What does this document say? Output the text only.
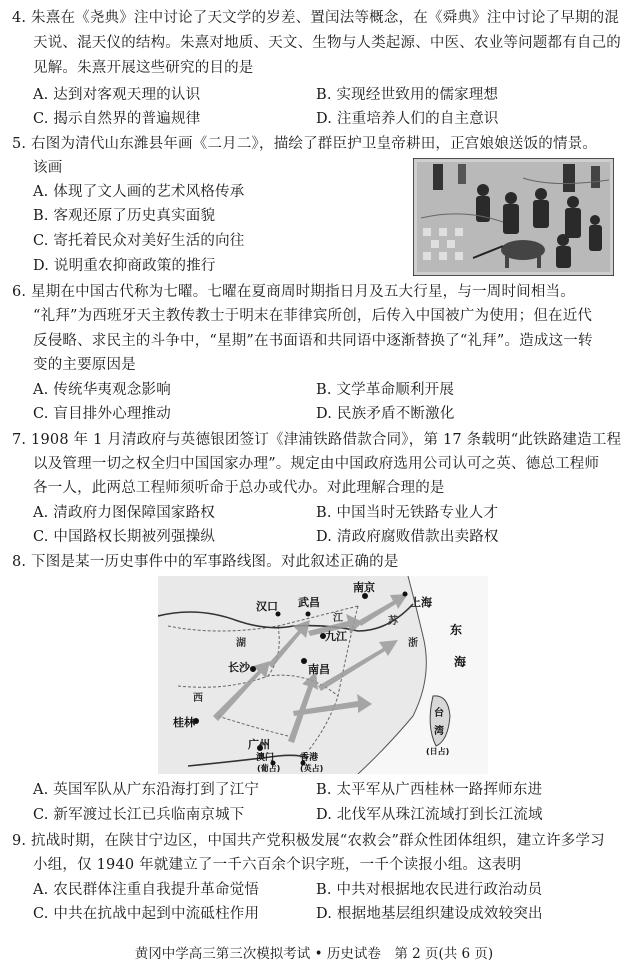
4. 朱熹在《尧典》注中讨论了天文学的岁差、置闰法等概念，在《舜典》注中讨论了早期的混
天说、混天仪的结构。朱熹对地质、天文、生物与人类起源、中医、农业等问题都有自己的
见解。朱熹开展这些研究的目的是
A. 达到对客观天理的认识	B. 实现经世致用的儒家理想
C. 揭示自然界的普遍规律	D. 注重培养人们的自主意识
5. 右图为清代山东潍县年画《二月二》，描绘了群臣护卫皇帝耕田，正宫娘娘送饭的情景。
该画
A. 体现了文人画的艺术风格传承
B. 客观还原了历史真实面貌
C. 寄托着民众对美好生活的向往
D. 说明重农抑商政策的推行
6. 星期在中国古代称为七曜。七曜在夏商周时期指日月及五大行星，与一周时间相当。
“礼拜”为西班牙天主教传教士于明末在菲律宾所创，后传入中国被广为使用；但在近代
反侵略、求民主的斗争中，“星期”在书面语和共同语中逐渐替换了“礼拜”。造成这一转
变的主要原因是
A. 传统华夷观念影响	B. 文学革命顺利开展
C. 盲目排外心理推动	D. 民族矛盾不断激化
7. 1908 年 1 月清政府与英德银团签订《津浦铁路借款合同》，第 17 条载明“此铁路建造工程
以及管理一切之权全归中国国家办理”。规定由中国政府选用公司认可之英、德总工程师
各一人，此两总工程师须听命于总办或代办。对此理解合理的是
A. 清政府力图保障国家路权	B. 中国当时无铁路专业人才
C. 中国路权长期被列强操纵	D. 清政府腐败借款出卖路权
8. 下图是某一历史事件中的军事路线图。对此叙述正确的是
南京
上海
汉口 武昌
九江
南昌
长沙
桂林
广州
澳门
(葡占)
香港
(英占)
台
湾
(日占)
东
海
江
湖	浙
苏
西
A. 英国军队从广东沿海打到了江宁	B. 太平军从广西桂林一路挥师东进
C. 新军渡过长江已兵临南京城下	D. 北伐军从珠江流域打到长江流域
9. 抗战时期，在陕甘宁边区，中国共产党积极发展“农救会”群众性团体组织，建立许多学习
小组，仅 1940 年就建立了一千六百余个识字班，一千个读报小组。这表明
A. 农民群体注重自我提升革命觉悟	B. 中共对根据地农民进行政治动员
C. 中共在抗战中起到中流砥柱作用	D. 根据地基层组织建设成效较突出
黄冈中学高三第三次模拟考试 • 历史试卷　第 2 页(共 6 页)
